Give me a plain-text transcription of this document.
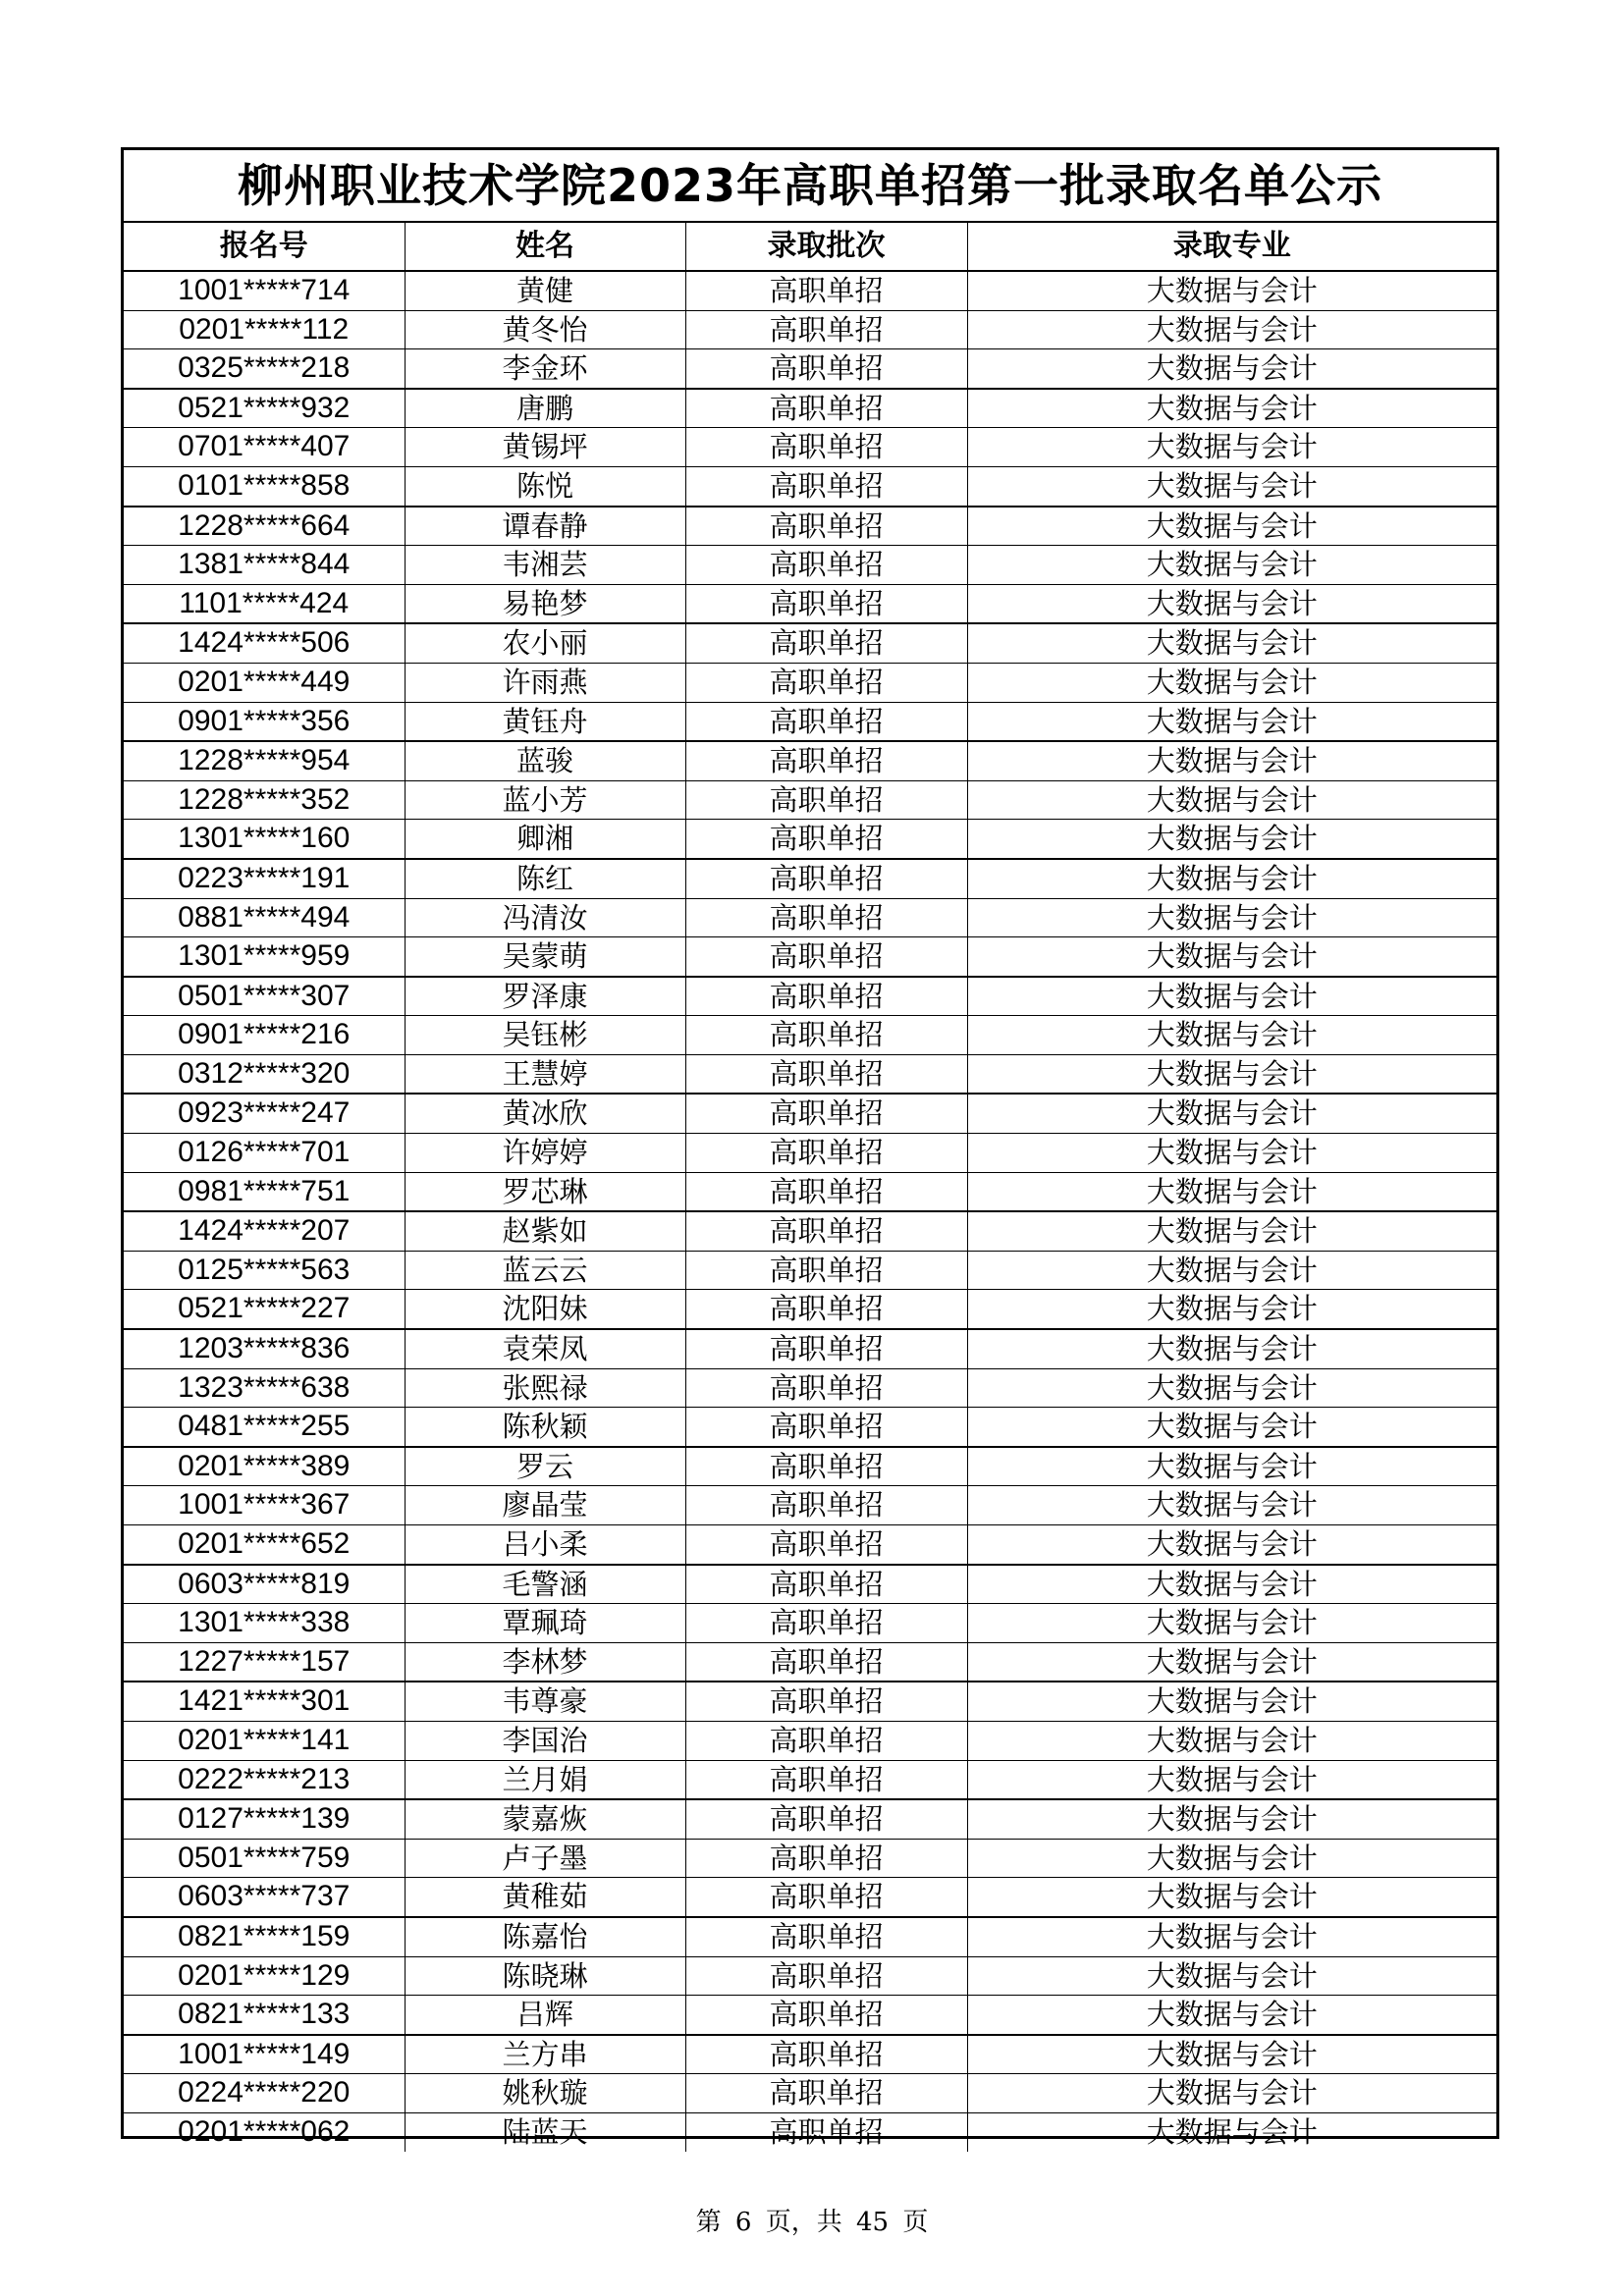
柳州职业技术学院2023年高职单招第一批录取名单公示			
报名号	姓名	录取批次	录取专业
1001*****714	黄健	高职单招	大数据与会计
0201*****112	黄冬怡	高职单招	大数据与会计
0325*****218	李金环	高职单招	大数据与会计
0521*****932	唐鹏	高职单招	大数据与会计
0701*****407	黄锡坪	高职单招	大数据与会计
0101*****858	陈悦	高职单招	大数据与会计
1228*****664	谭春静	高职单招	大数据与会计
1381*****844	韦湘芸	高职单招	大数据与会计
1101*****424	易艳梦	高职单招	大数据与会计
1424*****506	农小丽	高职单招	大数据与会计
0201*****449	许雨燕	高职单招	大数据与会计
0901*****356	黄钰舟	高职单招	大数据与会计
1228*****954	蓝骏	高职单招	大数据与会计
1228*****352	蓝小芳	高职单招	大数据与会计
1301*****160	卿湘	高职单招	大数据与会计
0223*****191	陈红	高职单招	大数据与会计
0881*****494	冯清汝	高职单招	大数据与会计
1301*****959	吴蒙萌	高职单招	大数据与会计
0501*****307	罗泽康	高职单招	大数据与会计
0901*****216	吴钰彬	高职单招	大数据与会计
0312*****320	王慧婷	高职单招	大数据与会计
0923*****247	黄冰欣	高职单招	大数据与会计
0126*****701	许婷婷	高职单招	大数据与会计
0981*****751	罗芯琳	高职单招	大数据与会计
1424*****207	赵紫如	高职单招	大数据与会计
0125*****563	蓝云云	高职单招	大数据与会计
0521*****227	沈阳妹	高职单招	大数据与会计
1203*****836	袁荣凤	高职单招	大数据与会计
1323*****638	张熙禄	高职单招	大数据与会计
0481*****255	陈秋颖	高职单招	大数据与会计
0201*****389	罗云	高职单招	大数据与会计
1001*****367	廖晶莹	高职单招	大数据与会计
0201*****652	吕小柔	高职单招	大数据与会计
0603*****819	毛警涵	高职单招	大数据与会计
1301*****338	覃珮琦	高职单招	大数据与会计
1227*****157	李林梦	高职单招	大数据与会计
1421*****301	韦尊豪	高职单招	大数据与会计
0201*****141	李国治	高职单招	大数据与会计
0222*****213	兰月娟	高职单招	大数据与会计
0127*****139	蒙嘉烣	高职单招	大数据与会计
0501*****759	卢子墨	高职单招	大数据与会计
0603*****737	黄稚茹	高职单招	大数据与会计
0821*****159	陈嘉怡	高职单招	大数据与会计
0201*****129	陈晓琳	高职单招	大数据与会计
0821*****133	吕辉	高职单招	大数据与会计
1001*****149	兰方串	高职单招	大数据与会计
0224*****220	姚秋璇	高职单招	大数据与会计
0201*****062	陆蓝天	高职单招	大数据与会计
第 6 页，共 45 页
